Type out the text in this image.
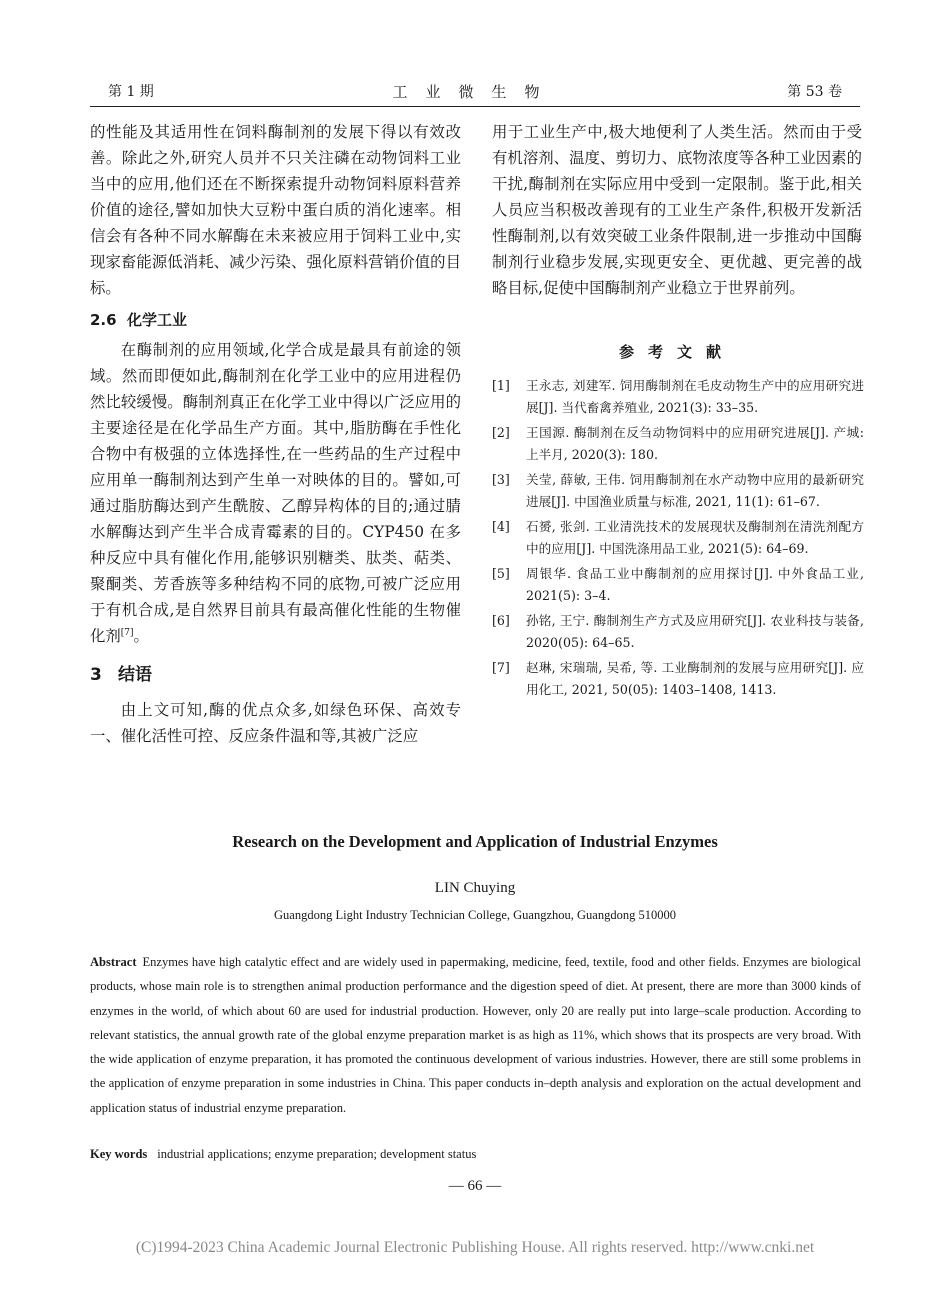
第 1 期	工业微生物	第 53 卷

的性能及其适用性在饲料酶制剂的发展下得以有效改善。除此之外,研究人员并不只关注磷在动物饲料工业当中的应用,他们还在不断探索提升动物饲料原料营养价值的途径,譬如加快大豆粉中蛋白质的消化速率。相信会有各种不同水解酶在未来被应用于饲料工业中,实现家畜能源低消耗、减少污染、强化原料营销价值的目标。

2.6 化学工业

在酶制剂的应用领域,化学合成是最具有前途的领域。然而即便如此,酶制剂在化学工业中的应用进程仍然比较缓慢。酶制剂真正在化学工业中得以广泛应用的主要途径是在化学品生产方面。其中,脂肪酶在手性化合物中有极强的立体选择性,在一些药品的生产过程中应用单一酶制剂达到产生单一对映体的目的。譬如,可通过脂肪酶达到产生酰胺、乙醇异构体的目的;通过腈水解酶达到产生半合成青霉素的目的。CYP450 在多种反应中具有催化作用,能够识别糖类、肽类、萜类、聚酮类、芳香族等多种结构不同的底物,可被广泛应用于有机合成,是自然界目前具有最高催化性能的生物催化剂[7]。

3 结语

由上文可知,酶的优点众多,如绿色环保、高效专一、催化活性可控、反应条件温和等,其被广泛应

用于工业生产中,极大地便利了人类生活。然而由于受有机溶剂、温度、剪切力、底物浓度等各种工业因素的干扰,酶制剂在实际应用中受到一定限制。鉴于此,相关人员应当积极改善现有的工业生产条件,积极开发新活性酶制剂,以有效突破工业条件限制,进一步推动中国酶制剂行业稳步发展,实现更安全、更优越、更完善的战略目标,促使中国酶制剂产业稳立于世界前列。

参考文献
[1]	王永志, 刘建军. 饲用酶制剂在毛皮动物生产中的应用研究进展[J]. 当代畜禽养殖业, 2021(3): 33–35.
[2]	王国源. 酶制剂在反刍动物饲料中的应用研究进展[J]. 产城: 上半月, 2020(3): 180.
[3]	关莹, 薛敏, 王伟. 饲用酶制剂在水产动物中应用的最新研究进展[J]. 中国渔业质量与标准, 2021, 11(1): 61–67.
[4]	石赟, 张剑. 工业清洗技术的发展现状及酶制剂在清洗剂配方中的应用[J]. 中国洗涤用品工业, 2021(5): 64–69.
[5]	周银华. 食品工业中酶制剂的应用探讨[J]. 中外食品工业, 2021(5): 3–4.
[6]	孙铭, 王宁. 酶制剂生产方式及应用研究[J]. 农业科技与装备, 2020(05): 64–65.
[7]	赵琳, 宋瑞瑞, 吴希, 等. 工业酶制剂的发展与应用研究[J]. 应用化工, 2021, 50(05): 1403–1408, 1413.
Research on the Development and Application of Industrial Enzymes
LIN Chuying
Guangdong Light Industry Technician College, Guangzhou, Guangdong 510000
Abstract Enzymes have high catalytic effect and are widely used in papermaking, medicine, feed, textile, food and other fields. Enzymes are biological products, whose main role is to strengthen animal production performance and the digestion speed of diet. At present, there are more than 3000 kinds of enzymes in the world, of which about 60 are used for industrial production. However, only 20 are really put into large–scale production. According to relevant statistics, the annual growth rate of the global enzyme preparation market is as high as 11%, which shows that its prospects are very broad. With the wide application of enzyme preparation, it has promoted the continuous development of various industries. However, there are still some problems in the application of enzyme preparation in some industries in China. This paper conducts in–depth analysis and exploration on the actual development and application status of industrial enzyme preparation.
Key words industrial applications; enzyme preparation; development status
— 66 —
(C)1994-2023 China Academic Journal Electronic Publishing House. All rights reserved. http://www.cnki.net
